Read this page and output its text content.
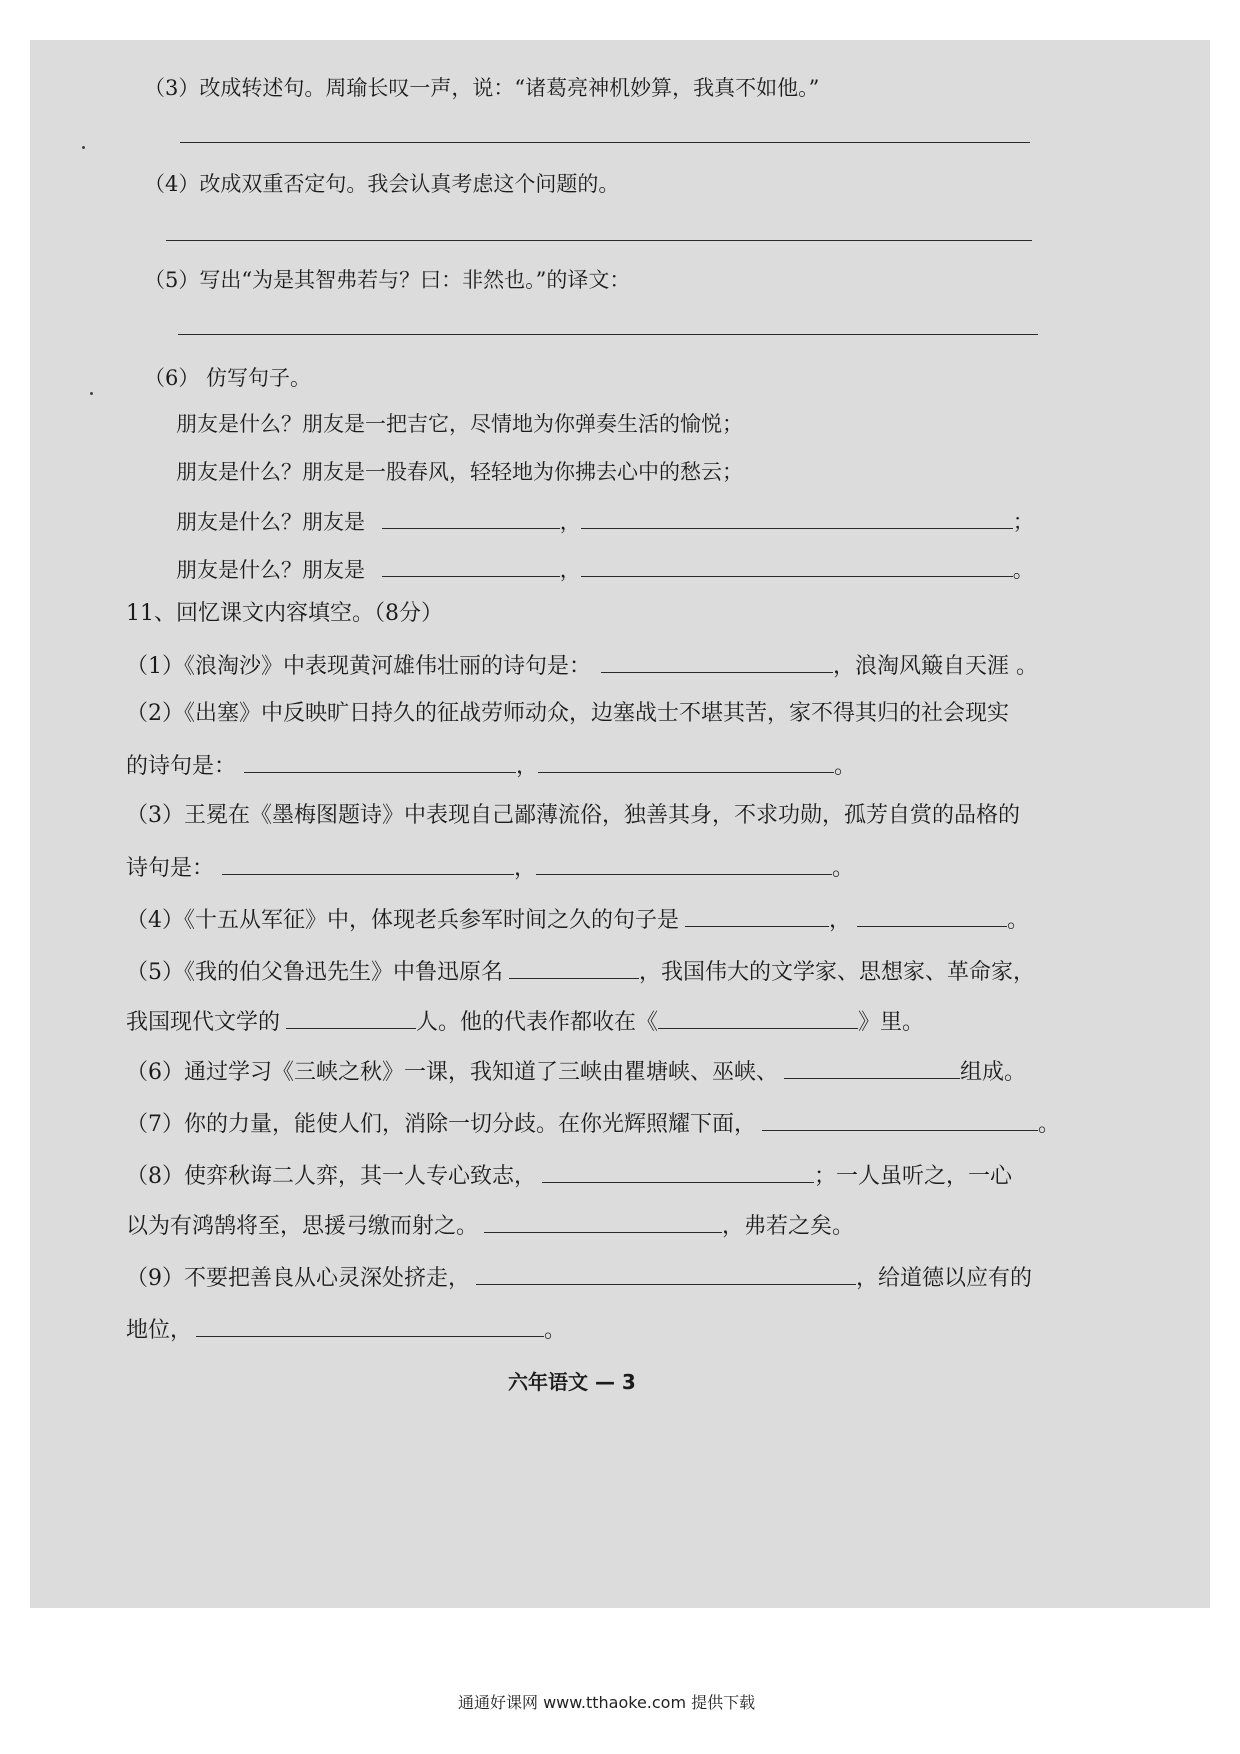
（3）改成转述句。周瑜长叹一声，说：“诸葛亮神机妙算，我真不如他。”
（4）改成双重否定句。我会认真考虑这个问题的。
（5）写出“为是其智弗若与？曰：非然也。”的译文：
（6） 仿写句子。
朋友是什么？朋友是一把吉它，尽情地为你弹奏生活的愉悦；
朋友是什么？朋友是一股春风，轻轻地为你拂去心中的愁云；
朋友是什么？朋友是	，	；
朋友是什么？朋友是	，	。
11、回忆课文内容填空。（8分）
（1）《浪淘沙》中表现黄河雄伟壮丽的诗句是：	，浪淘风簸自天涯 。
（2）《出塞》中反映旷日持久的征战劳师动众，边塞战士不堪其苦，家不得其归的社会现实
的诗句是：	，	。
（3）王冕在《墨梅图题诗》中表现自己鄙薄流俗，独善其身，不求功勋，孤芳自赏的品格的
诗句是：	，	。
（4）《十五从军征》中，体现老兵参军时间之久的句子是	，	。
（5）《我的伯父鲁迅先生》中鲁迅原名	，我国伟大的文学家、思想家、革命家，
我国现代文学的	人。他的代表作都收在《	》里。
（6）通过学习《三峡之秋》一课，我知道了三峡由瞿塘峡、巫峡、	组成。
（7）你的力量，能使人们，消除一切分歧。在你光辉照耀下面，	。
（8）使弈秋诲二人弈，其一人专心致志，	；一人虽听之，一心
以为有鸿鹄将至，思援弓缴而射之。	，弗若之矣。
（9）不要把善良从心灵深处挤走，	，给道德以应有的
地位，	。
六年语文 — 3
通通好课网 www.tthaoke.com 提供下载
